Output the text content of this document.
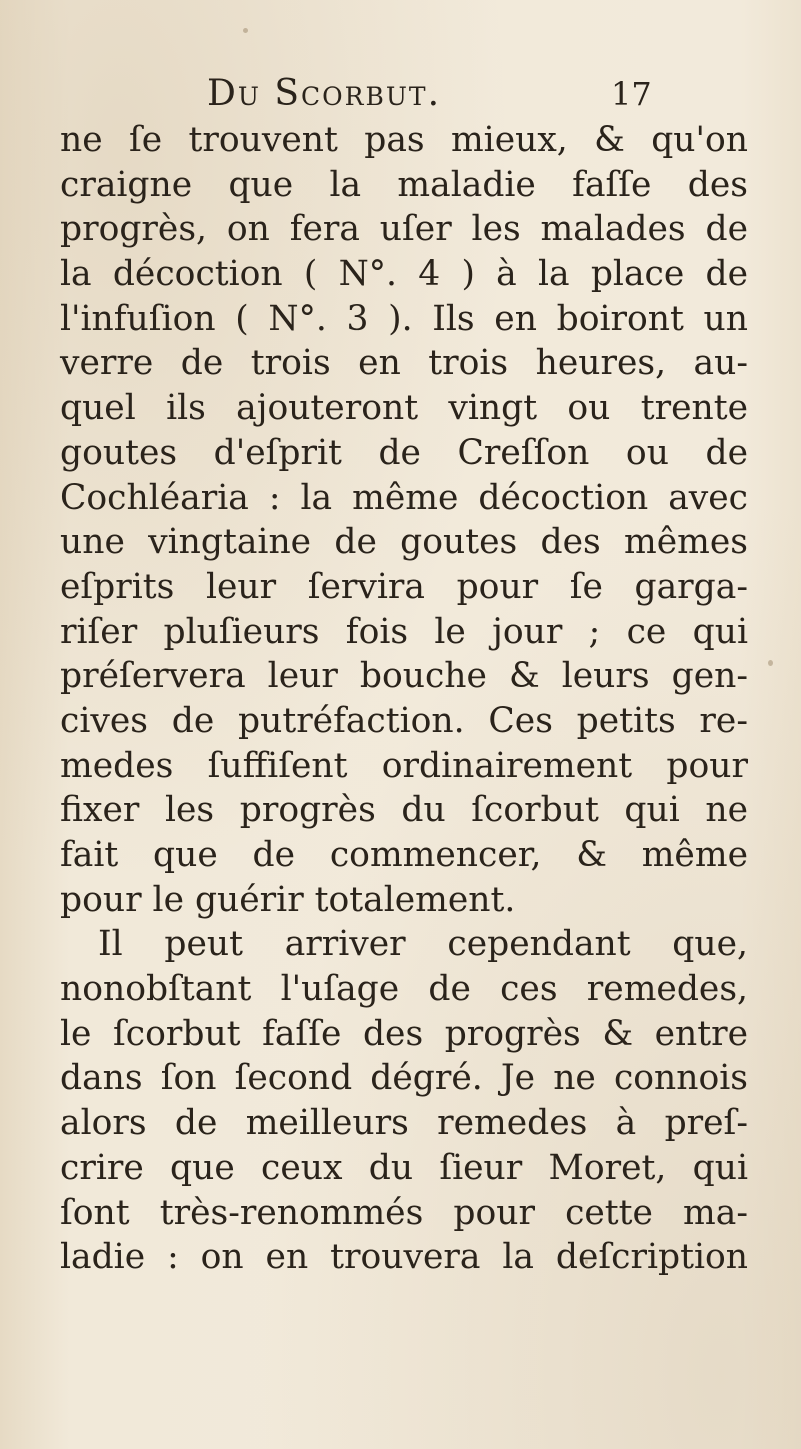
Du Scorbut.	17
ne ſe trouvent pas mieux, & qu'on
craigne que la maladie faſſe des
progrès, on fera uſer les malades de
la décoction ( N°. 4 ) à la place de
l'infuſion ( N°. 3 ). Ils en boiront un
verre de trois en trois heures, au-
quel ils ajouteront vingt ou trente
goutes d'eſprit de Creſſon ou de
Cochléaria : la même décoction avec
une vingtaine de goutes des mêmes
eſprits leur ſervira pour ſe garga-
riſer pluſieurs fois le jour ; ce qui
préſervera leur bouche & leurs gen-
cives de putréfaction. Ces petits re-
medes ſuffiſent ordinairement pour
fixer les progrès du ſcorbut qui ne
fait que de commencer, & même
pour le guérir totalement.
Il peut arriver cependant que,
nonobſtant l'uſage de ces remedes,
le ſcorbut faſſe des progrès & entre
dans ſon ſecond dégré. Je ne connois
alors de meilleurs remedes à preſ-
crire que ceux du ſieur Moret, qui
ſont très-renommés pour cette ma-
ladie : on en trouvera la deſcription
